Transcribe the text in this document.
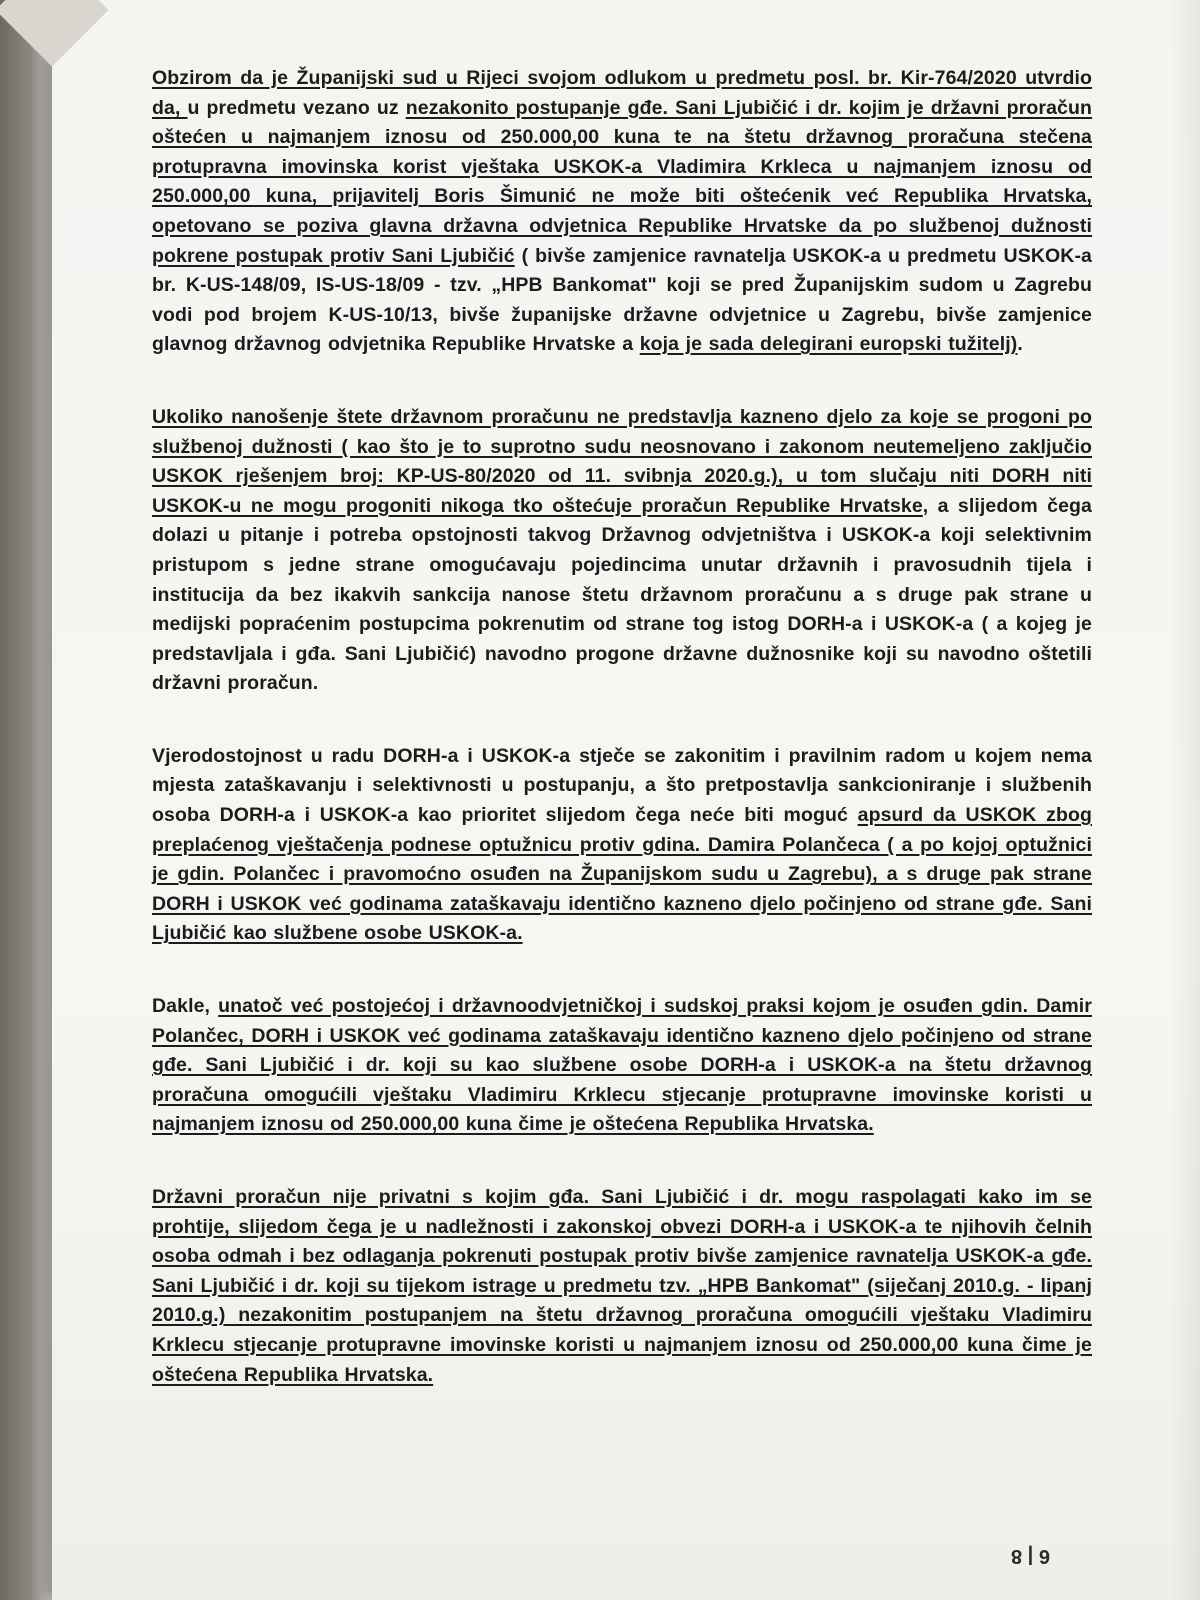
Obzirom da je Županijski sud u Rijeci svojom odlukom u predmetu posl. br. Kir-764/2020 utvrdio da, u predmetu vezano uz nezakonito postupanje gđe. Sani Ljubičić i dr. kojim je državni proračun oštećen u najmanjem iznosu od 250.000,00 kuna te na štetu državnog proračuna stečena protupravna imovinska korist vještaka USKOK-a Vladimira Krkleca u najmanjem iznosu od 250.000,00 kuna, prijavitelj Boris Šimunić ne može biti oštećenik već Republika Hrvatska, opetovano se poziva glavna državna odvjetnica Republike Hrvatske da po službenoj dužnosti pokrene postupak protiv Sani Ljubičić ( bivše zamjenice ravnatelja USKOK-a u predmetu USKOK-a br. K-US-148/09, IS-US-18/09 - tzv. „HPB Bankomat" koji se pred Županijskim sudom u Zagrebu vodi pod brojem K-US-10/13, bivše županijske državne odvjetnice u Zagrebu, bivše zamjenice glavnog državnog odvjetnika Republike Hrvatske a koja je sada delegirani europski tužitelj).

Ukoliko nanošenje štete državnom proračunu ne predstavlja kazneno djelo za koje se progoni po službenoj dužnosti ( kao što je to suprotno sudu neosnovano i zakonom neutemeljeno zaključio USKOK rješenjem broj: KP-US-80/2020 od 11. svibnja 2020.g.), u tom slučaju niti DORH niti USKOK-u ne mogu progoniti nikoga tko oštećuje proračun Republike Hrvatske, a slijedom čega dolazi u pitanje i potreba opstojnosti takvog Državnog odvjetništva i USKOK-a koji selektivnim pristupom s jedne strane omogućavaju pojedincima unutar državnih i pravosudnih tijela i institucija da bez ikakvih sankcija nanose štetu državnom proračunu a s druge pak strane u medijski popraćenim postupcima pokrenutim od strane tog istog DORH-a i USKOK-a ( a kojeg je predstavljala i gđa. Sani Ljubičić) navodno progone državne dužnosnike koji su navodno oštetili državni proračun.

Vjerodostojnost u radu DORH-a i USKOK-a stječe se zakonitim i pravilnim radom u kojem nema mjesta zataškavanju i selektivnosti u postupanju, a što pretpostavlja sankcioniranje i službenih osoba DORH-a i USKOK-a kao prioritet slijedom čega neće biti moguć apsurd da USKOK zbog preplaćenog vještačenja podnese optužnicu protiv gdina. Damira Polančeca ( a po kojoj optužnici je gdin. Polančec i pravomoćno osuđen na Županijskom sudu u Zagrebu), a s druge pak strane DORH i USKOK već godinama zataškavaju identično kazneno djelo počinjeno od strane gđe. Sani Ljubičić kao službene osobe USKOK-a.

Dakle, unatoč već postojećoj i državnoodvjetničkoj i sudskoj praksi kojom je osuđen gdin. Damir Polančec, DORH i USKOK već godinama zataškavaju identično kazneno djelo počinjeno od strane gđe. Sani Ljubičić i dr. koji su kao službene osobe DORH-a i USKOK-a na štetu državnog proračuna omogućili vještaku Vladimiru Krklecu stjecanje protupravne imovinske koristi u najmanjem iznosu od 250.000,00 kuna čime je oštećena Republika Hrvatska.

Državni proračun nije privatni s kojim gđa. Sani Ljubičić i dr. mogu raspolagati kako im se prohtije, slijedom čega je u nadležnosti i zakonskoj obvezi DORH-a i USKOK-a te njihovih čelnih osoba odmah i bez odlaganja pokrenuti postupak protiv bivše zamjenice ravnatelja USKOK-a gđe. Sani Ljubičić i dr. koji su tijekom istrage u predmetu tzv. „HPB Bankomat" (siječanj 2010.g. - lipanj 2010.g.) nezakonitim postupanjem na štetu državnog proračuna omogućili vještaku Vladimiru Krklecu stjecanje protupravne imovinske koristi u najmanjem iznosu od 250.000,00 kuna čime je oštećena Republika Hrvatska.

6 | 8
